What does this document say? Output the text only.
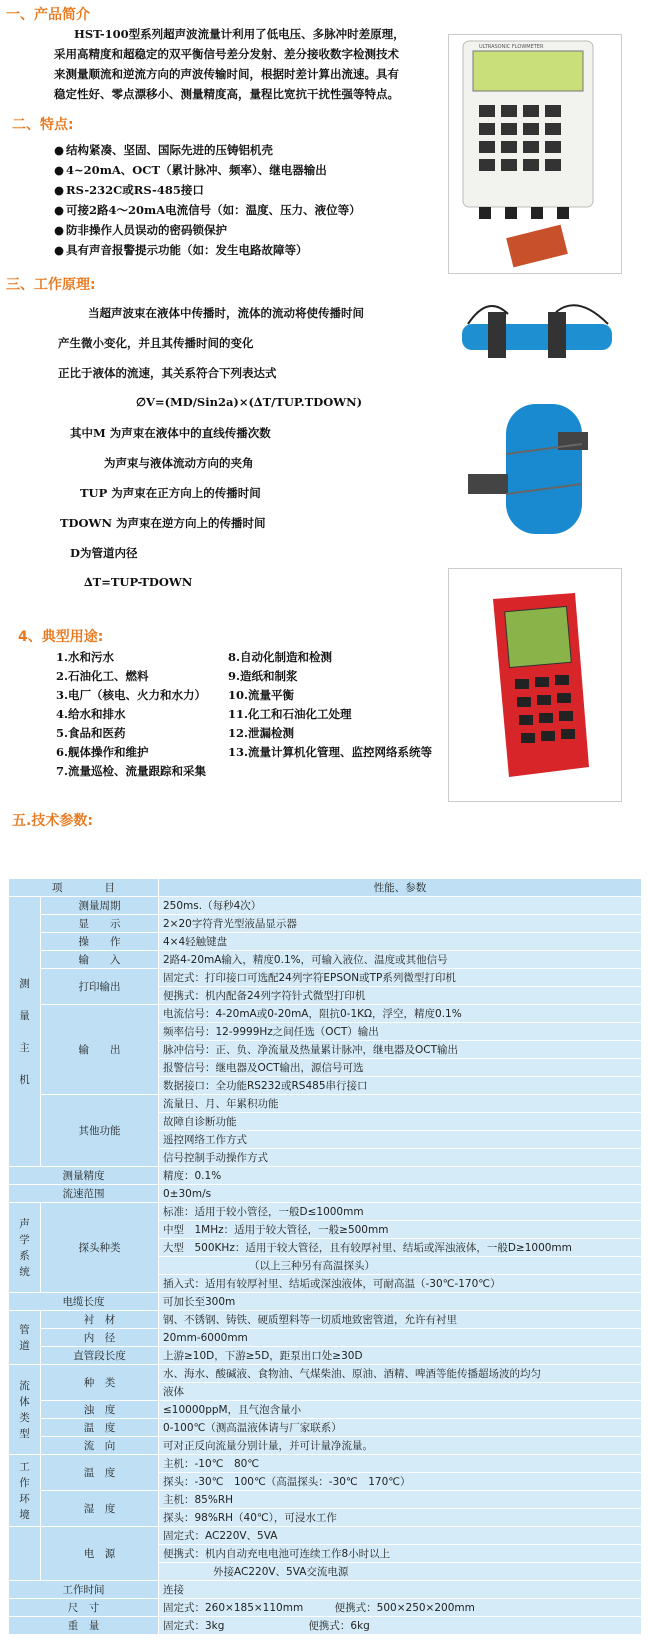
一、产品简介
HST-100型系列超声波流量计利用了低电压、多脉冲时差原理，
采用高精度和超稳定的双平衡信号差分发射、差分接收数字检测技术
来测量顺流和逆流方向的声波传输时间，根据时差计算出流速。具有
稳定性好、零点漂移小、测量精度高，量程比宽抗干扰性强等特点。
二、特点:
● 结构紧凑、坚固、国际先进的压铸铝机壳
● 4~20mA、OCT（累计脉冲、频率）、继电器输出
● RS-232C或RS-485接口
● 可接2路4～20mA电流信号（如：温度、压力、液位等）
● 防非操作人员误动的密码锁保护
● 具有声音报警提示功能（如：发生电路故障等）
三、工作原理:
当超声波束在液体中传播时，流体的流动将使传播时间
产生微小变化，并且其传播时间的变化
正比于液体的流速，其关系符合下列表达式
∅V=(MD/Sin2a)×(∆T/TUP.TDOWN)
其中M 为声束在液体中的直线传播次数
为声束与液体流动方向的夹角
TUP 为声束在正方向上的传播时间
TDOWN 为声束在逆方向上的传播时间
D为管道内径
∆T=TUP-TDOWN
4、典型用途:
1.水和污水
2.石油化工、燃料
3.电厂（核电、火力和水力）
4.给水和排水
5.食品和医药
6.舰体操作和维护
7.流量巡检、流量跟踪和采集
8.自动化制造和检测
9.造纸和制浆
10.流量平衡
11.化工和石油化工处理
12.泄漏检测
13.流量计算机化管理、监控网络系统等
五.技术参数:
ULTRASONIC FLOWMETER
项　　　　目		性能、参数
测

量

主

机	测量周期	250ms.（每秒4次）
	显　　示	2×20字符背光型液晶显示器
	操　　作	4×4轻触键盘
	输　　入	2路4-20mA输入，精度0.1%，可输入液位、温度或其他信号
	打印输出	固定式：打印接口可选配24列字符EPSON或TP系列微型打印机
		便携式：机内配备24列字符针式微型打印机
	输　　出	电流信号：4-20mA或0-20mA，阻抗0-1KΩ，浮空，精度0.1%
		频率信号：12-9999Hz之间任选（OCT）输出
		脉冲信号：正、负、净流量及热量累计脉冲，继电器及OCT输出
		报警信号：继电器及OCT输出，源信号可选
		数据接口：全功能RS232或RS485串行接口
	其他功能	流量日、月、年累积功能
		故障自诊断功能
		遥控网络工作方式
		信号控制手动操作方式
测量精度		精度：0.1%
流速范围		0±30m/s
声
学
系
统	探头种类	标准：适用于较小管径，一般D≤1000mm
		中型　1MHz：适用于较大管径，一般≥500mm
		大型　500KHz：适用于较大管径，且有较厚衬里、结垢或浑浊液体，一般D≥1000mm
		（以上三种另有高温探头）
		插入式：适用有较厚衬里、结垢或深浊液体，可耐高温（-30℃-170℃）
电缆长度		可加长至300m
管
道	衬　材	钢、不锈钢、铸铁、硬质塑料等一切质地致密管道，允许有衬里
	内　径	20mm-6000mm
	直管段长度	上游≥10D，下游≥5D，距泵出口处≥30D
流
体
类
型	种　类	水、海水、酸碱液、食物油、气煤柴油、原油、酒精、啤酒等能传播超场波的均匀
		液体
	浊　度	≤10000ppM，且气泡含量小
	温　度	0-100℃（测高温液体请与厂家联系）
	流　向	可对正反向流量分别计量，并可计量净流量。
工
作
环
境	温　度	主机：-10℃　80℃
		探头：-30℃　100℃（高温探头：-30℃　170℃）
	湿　度	主机：85%RH
		探头：98%RH（40℃），可浸水工作
	电　源	固定式：AC220V、5VA
		便携式：机内自动充电电池可连续工作8小时以上
		外接AC220V、5VA交流电源
工作时间		连接
尺　寸		固定式：260×185×110mm　　　便携式：500×250×200mm
重　量		固定式：3kg　　　　　　　　便携式：6kg
